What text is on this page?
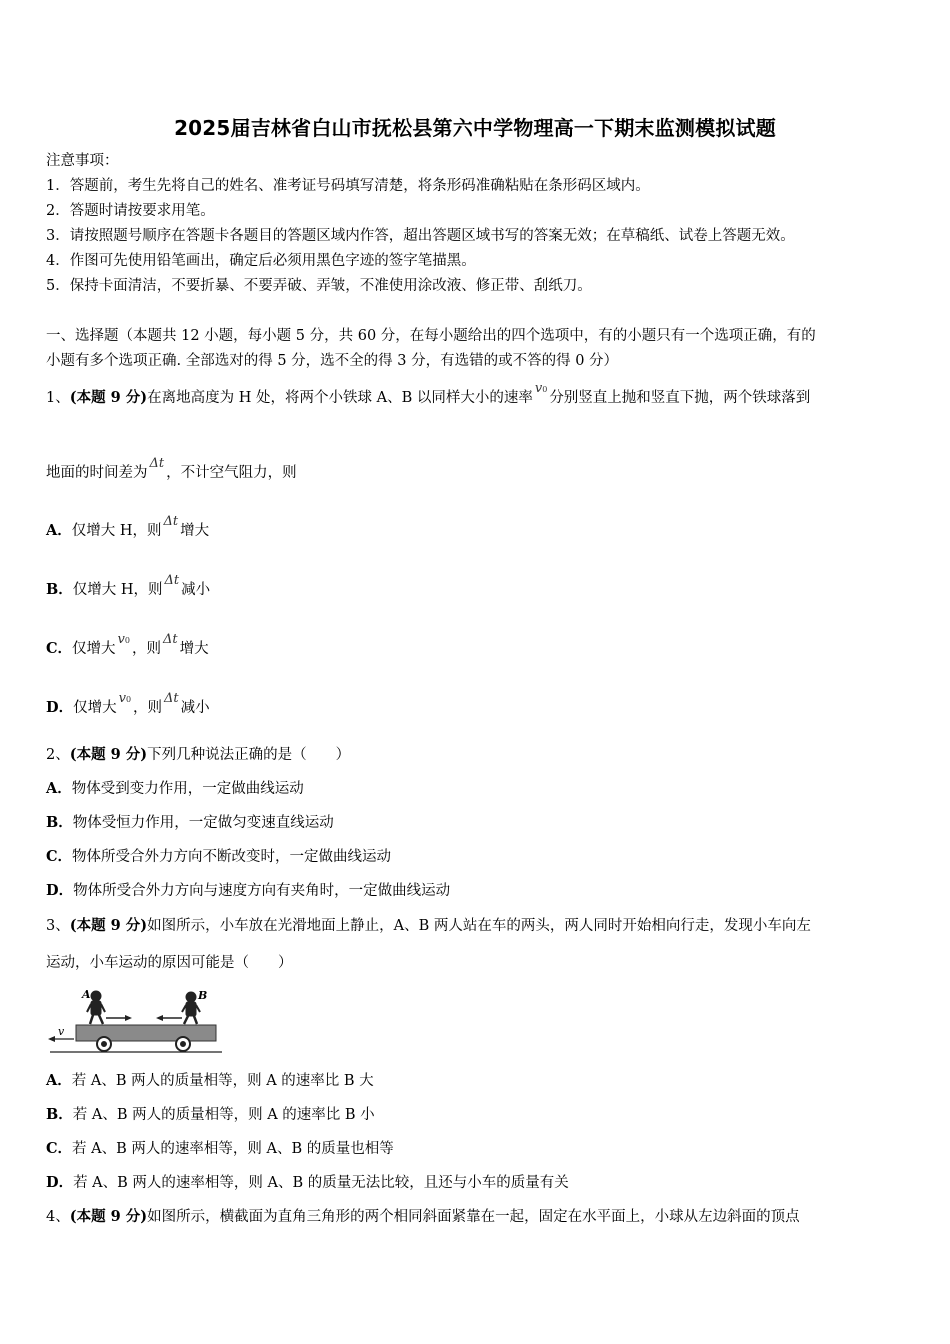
2025届吉林省白山市抚松县第六中学物理高一下期末监测模拟试题
注意事项：
1．答题前，考生先将自己的姓名、准考证号码填写清楚，将条形码准确粘贴在条形码区域内。
2．答题时请按要求用笔。
3．请按照题号顺序在答题卡各题目的答题区域内作答，超出答题区域书写的答案无效；在草稿纸、试卷上答题无效。
4．作图可先使用铅笔画出，确定后必须用黑色字迹的签字笔描黑。
5．保持卡面清洁，不要折暴、不要弄破、弄皱，不准使用涂改液、修正带、刮纸刀。
一、选择题（本题共 12 小题，每小题 5 分，共 60 分，在每小题给出的四个选项中，有的小题只有一个选项正确，有的
小题有多个选项正确. 全部选对的得 5 分，选不全的得 3 分，有选错的或不答的得 0 分）
1、(本题 9 分)在离地高度为 H 处，将两个小铁球 A、B 以同样大小的速率v0分别竖直上抛和竖直下抛，两个铁球落到
地面的时间差为Δt，不计空气阻力，则
A．仅增大 H，则Δt增大
B．仅增大 H，则Δt减小
C．仅增大v0，则Δt增大
D．仅增大v0，则Δt减小
2、(本题 9 分)下列几种说法正确的是（　　）
A．物体受到变力作用，一定做曲线运动
B．物体受恒力作用，一定做匀变速直线运动
C．物体所受合外力方向不断改变时，一定做曲线运动
D．物体所受合外力方向与速度方向有夹角时，一定做曲线运动
3、(本题 9 分)如图所示，小车放在光滑地面上静止，A、B 两人站在车的两头，两人同时开始相向行走，发现小车向左
运动，小车运动的原因可能是（　　）
A	B
v
A．若 A、B 两人的质量相等，则 A 的速率比 B 大
B．若 A、B 两人的质量相等，则 A 的速率比 B 小
C．若 A、B 两人的速率相等，则 A、B 的质量也相等
D．若 A、B 两人的速率相等，则 A、B 的质量无法比较，且还与小车的质量有关
4、(本题 9 分)如图所示，横截面为直角三角形的两个相同斜面紧靠在一起，固定在水平面上，小球从左边斜面的顶点
